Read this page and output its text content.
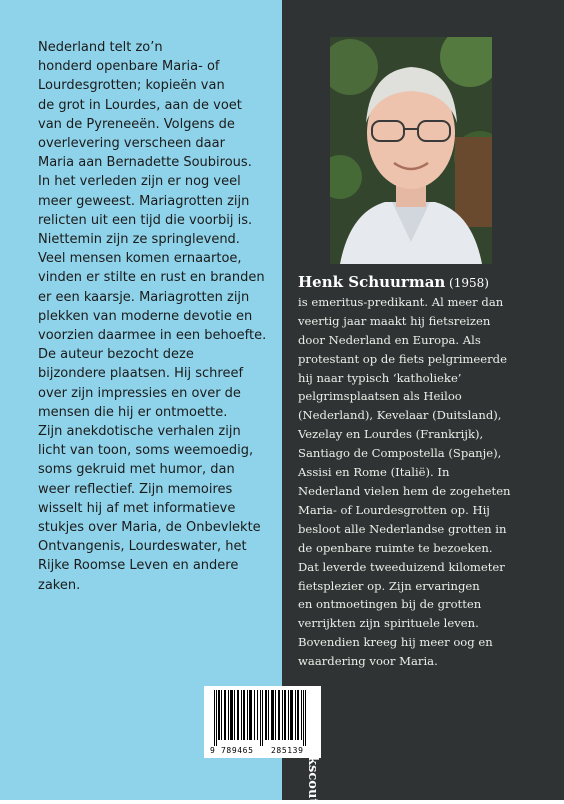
Nederland telt zo’n
honderd openbare Maria- of
Lourdesgrotten; kopieën van
de grot in Lourdes, aan de voet
van de Pyreneeën. Volgens de
overlevering verscheen daar
Maria aan Bernadette Soubirous.
In het verleden zijn er nog veel
meer geweest. Mariagrotten zijn
relicten uit een tijd die voorbij is.
Niettemin zijn ze springlevend.
Veel mensen komen ernaartoe,
vinden er stilte en rust en branden
er een kaarsje. Mariagrotten zijn
plekken van moderne devotie en
voorzien daarmee in een behoefte.
De auteur bezocht deze
bijzondere plaatsen. Hij schreef
over zijn impressies en over de
mensen die hij er ontmoette.
Zijn anekdotische verhalen zijn
licht van toon, soms weemoedig,
soms gekruid met humor, dan
weer reflectief. Zijn memoires
wisselt hij af met informatieve
stukjes over Maria, de Onbevlekte
Ontvangenis, Lourdeswater, het
Rijke Roomse Leven en andere
zaken.
Henk Schuurman (1958)
is emeritus-predikant. Al meer dan
veertig jaar maakt hij fietsreizen
door Nederland en Europa. Als
protestant op de fiets pelgrimeerde
hij naar typisch ‘katholieke’
pelgrimsplaatsen als Heiloo
(Nederland), Kevelaar (Duitsland),
Vezelay en Lourdes (Frankrijk),
Santiago de Compostella (Spanje),
Assisi en Rome (Italië). In
Nederland vielen hem de zogeheten
Maria- of Lourdesgrotten op. Hij
besloot alle Nederlandse grotten in
de openbare ruimte te bezoeken.
Dat leverde tweeduizend kilometer
fietsplezier op. Zijn ervaringen
en ontmoetingen bij de grotten
verrijkten zijn spirituele leven.
Bovendien kreeg hij meer oog en
waardering voor Maria.
9 789465 285139 boekscout
